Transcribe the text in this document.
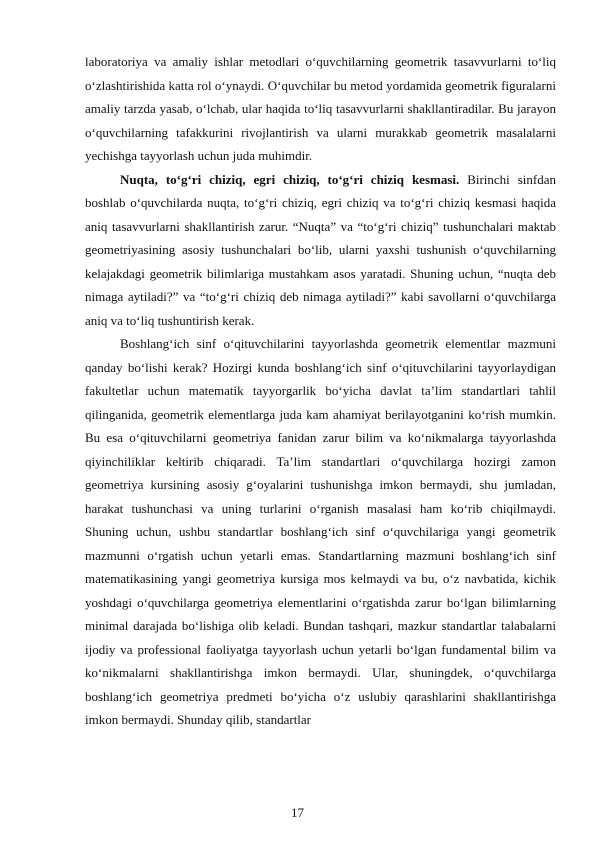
laboratoriya va amaliy ishlar metodlari o‘quvchilarning geometrik tasavvurlarni to‘liq o‘zlashtirishida katta rol o‘ynaydi. O‘quvchilar bu metod yordamida geometrik figuralarni amaliy tarzda yasab, o‘lchab, ular haqida to‘liq tasavvurlarni shakllantiradilar. Bu jarayon o‘quvchilarning tafakkurini rivojlantirish va ularni murakkab geometrik masalalarni yechishga tayyorlash uchun juda muhimdir.

Nuqta, to‘g‘ri chiziq, egri chiziq, to‘g‘ri chiziq kesmasi. Birinchi sinfdan boshlab o‘quvchilarda nuqta, to‘g‘ri chiziq, egri chiziq va to‘g‘ri chiziq kesmasi haqida aniq tasavvurlarni shakllantirish zarur. “Nuqta” va “to‘g‘ri chiziq” tushunchalari maktab geometriyasining asosiy tushunchalari bo‘lib, ularni yaxshi tushunish o‘quvchilarning kelajakdagi geometrik bilimlariga mustahkam asos yaratadi. Shuning uchun, “nuqta deb nimaga aytiladi?” va “to‘g‘ri chiziq deb nimaga aytiladi?” kabi savollarni o‘quvchilarga aniq va to‘liq tushuntirish kerak.

Boshlang‘ich sinf o‘qituvchilarini tayyorlashda geometrik elementlar mazmuni qanday bo‘lishi kerak? Hozirgi kunda boshlang‘ich sinf o‘qituvchilarini tayyorlaydigan fakultetlar uchun matematik tayyorgarlik bo‘yicha davlat ta’lim standartlari tahlil qilinganida, geometrik elementlarga juda kam ahamiyat berilayotganini ko‘rish mumkin. Bu esa o‘qituvchilarni geometriya fanidan zarur bilim va ko‘nikmalarga tayyorlashda qiyinchiliklar keltirib chiqaradi. Ta’lim standartlari o‘quvchilarga hozirgi zamon geometriya kursining asosiy g‘oyalarini tushunishga imkon bermaydi, shu jumladan, harakat tushunchasi va uning turlarini o‘rganish masalasi ham ko‘rib chiqilmaydi. Shuning uchun, ushbu standartlar boshlang‘ich sinf o‘quvchilariga yangi geometrik mazmunni o‘rgatish uchun yetarli emas. Standartlarning mazmuni boshlang‘ich sinf matematikasining yangi geometriya kursiga mos kelmaydi va bu, o‘z navbatida, kichik yoshdagi o‘quvchilarga geometriya elementlarini o‘rgatishda zarur bo‘lgan bilimlarning minimal darajada bo‘lishiga olib keladi. Bundan tashqari, mazkur standartlar talabalarni ijodiy va professional faoliyatga tayyorlash uchun yetarli bo‘lgan fundamental bilim va ko‘nikmalarni shakllantirishga imkon bermaydi. Ular, shuningdek, o‘quvchilarga boshlang‘ich geometriya predmeti bo‘yicha o‘z uslubiy qarashlarini shakllantirishga imkon bermaydi. Shunday qilib, standartlar

17
